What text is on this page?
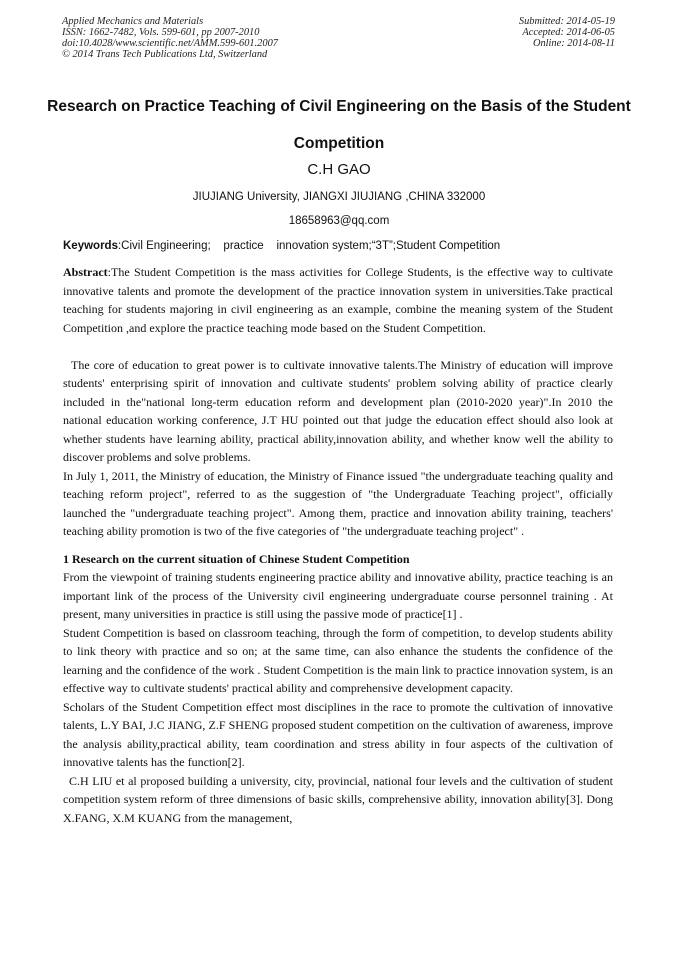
Applied Mechanics and Materials
ISSN: 1662-7482, Vols. 599-601, pp 2007-2010
doi:10.4028/www.scientific.net/AMM.599-601.2007
© 2014 Trans Tech Publications Ltd, Switzerland
Submitted: 2014-05-19
Accepted: 2014-06-05
Online: 2014-08-11
Research on Practice Teaching of Civil Engineering on the Basis of the Student Competition
C.H GAO
JIUJIANG University, JIANGXI JIUJIANG ,CHINA 332000
18658963@qq.com
Keywords:Civil Engineering;    practice    innovation system;“3T”;Student Competition

Abstract:The Student Competition is the mass activities for College Students, is the effective way to cultivate innovative talents and promote the development of the practice innovation system in universities.Take practical teaching for students majoring in civil engineering as an example, combine the meaning system of the Student Competition ,and explore the practice teaching mode based on the Student Competition.

The core of education to great power is to cultivate innovative talents.The Ministry of education will improve students' enterprising spirit of innovation and cultivate students' problem solving ability of practice clearly included in the"national long-term education reform and development plan (2010-2020 year)".In 2010 the national education working conference, J.T HU pointed out that judge the education effect should also look at whether students have learning ability, practical ability,innovation ability, and whether know well the ability to discover problems and solve problems.

In July 1, 2011, the Ministry of education, the Ministry of Finance issued "the undergraduate teaching quality and teaching reform project", referred to as the suggestion of "the Undergraduate Teaching project", officially launched the "undergraduate teaching project". Among them, practice and innovation ability training, teachers' teaching ability promotion is two of the five categories of "the undergraduate teaching project" .

1 Research on the current situation of Chinese Student Competition

From the viewpoint of training students engineering practice ability and innovative ability, practice teaching is an important link of the process of the University civil engineering undergraduate course personnel training . At present, many universities in practice is still using the passive mode of practice[1] .

Student Competition is based on classroom teaching, through the form of competition, to develop students ability to link theory with practice and so on; at the same time, can also enhance the students the confidence of the learning and the confidence of the work . Student Competition is the main link to practice innovation system, is an effective way to cultivate students' practical ability and comprehensive development capacity.

Scholars of the Student Competition effect most disciplines in the race to promote the cultivation of innovative talents, L.Y BAI, J.C JIANG, Z.F SHENG proposed student competition on the cultivation of awareness, improve the analysis ability,practical ability, team coordination and stress ability in four aspects of the cultivation of innovative talents has the function[2].

C.H LIU et al proposed building a university, city, provincial, national four levels and the cultivation of student competition system reform of three dimensions of basic skills, comprehensive ability, innovation ability[3]. Dong X.FANG, X.M KUANG from the management,
